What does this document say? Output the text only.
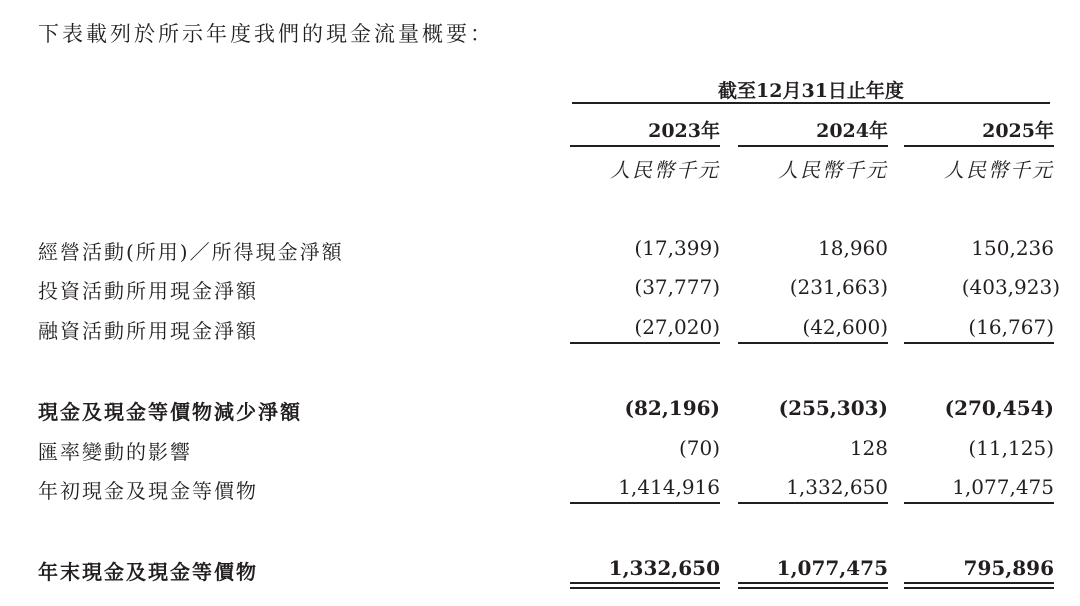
下表載列於所示年度我們的現金流量概要：
截至12月31日止年度
2023年	2024年	2025年
人民幣千元	人民幣千元	人民幣千元
經營活動(所用)／所得現金淨額	(17,399)	18,960	150,236
投資活動所用現金淨額	(37,777)	(231,663)	(403,923)
融資活動所用現金淨額	(27,020)	(42,600)	(16,767)
現金及現金等價物減少淨額	(82,196)	(255,303)	(270,454)
匯率變動的影響	(70)	128	(11,125)
年初現金及現金等價物	1,414,916	1,332,650	1,077,475
年末現金及現金等價物	1,332,650	1,077,475	795,896
